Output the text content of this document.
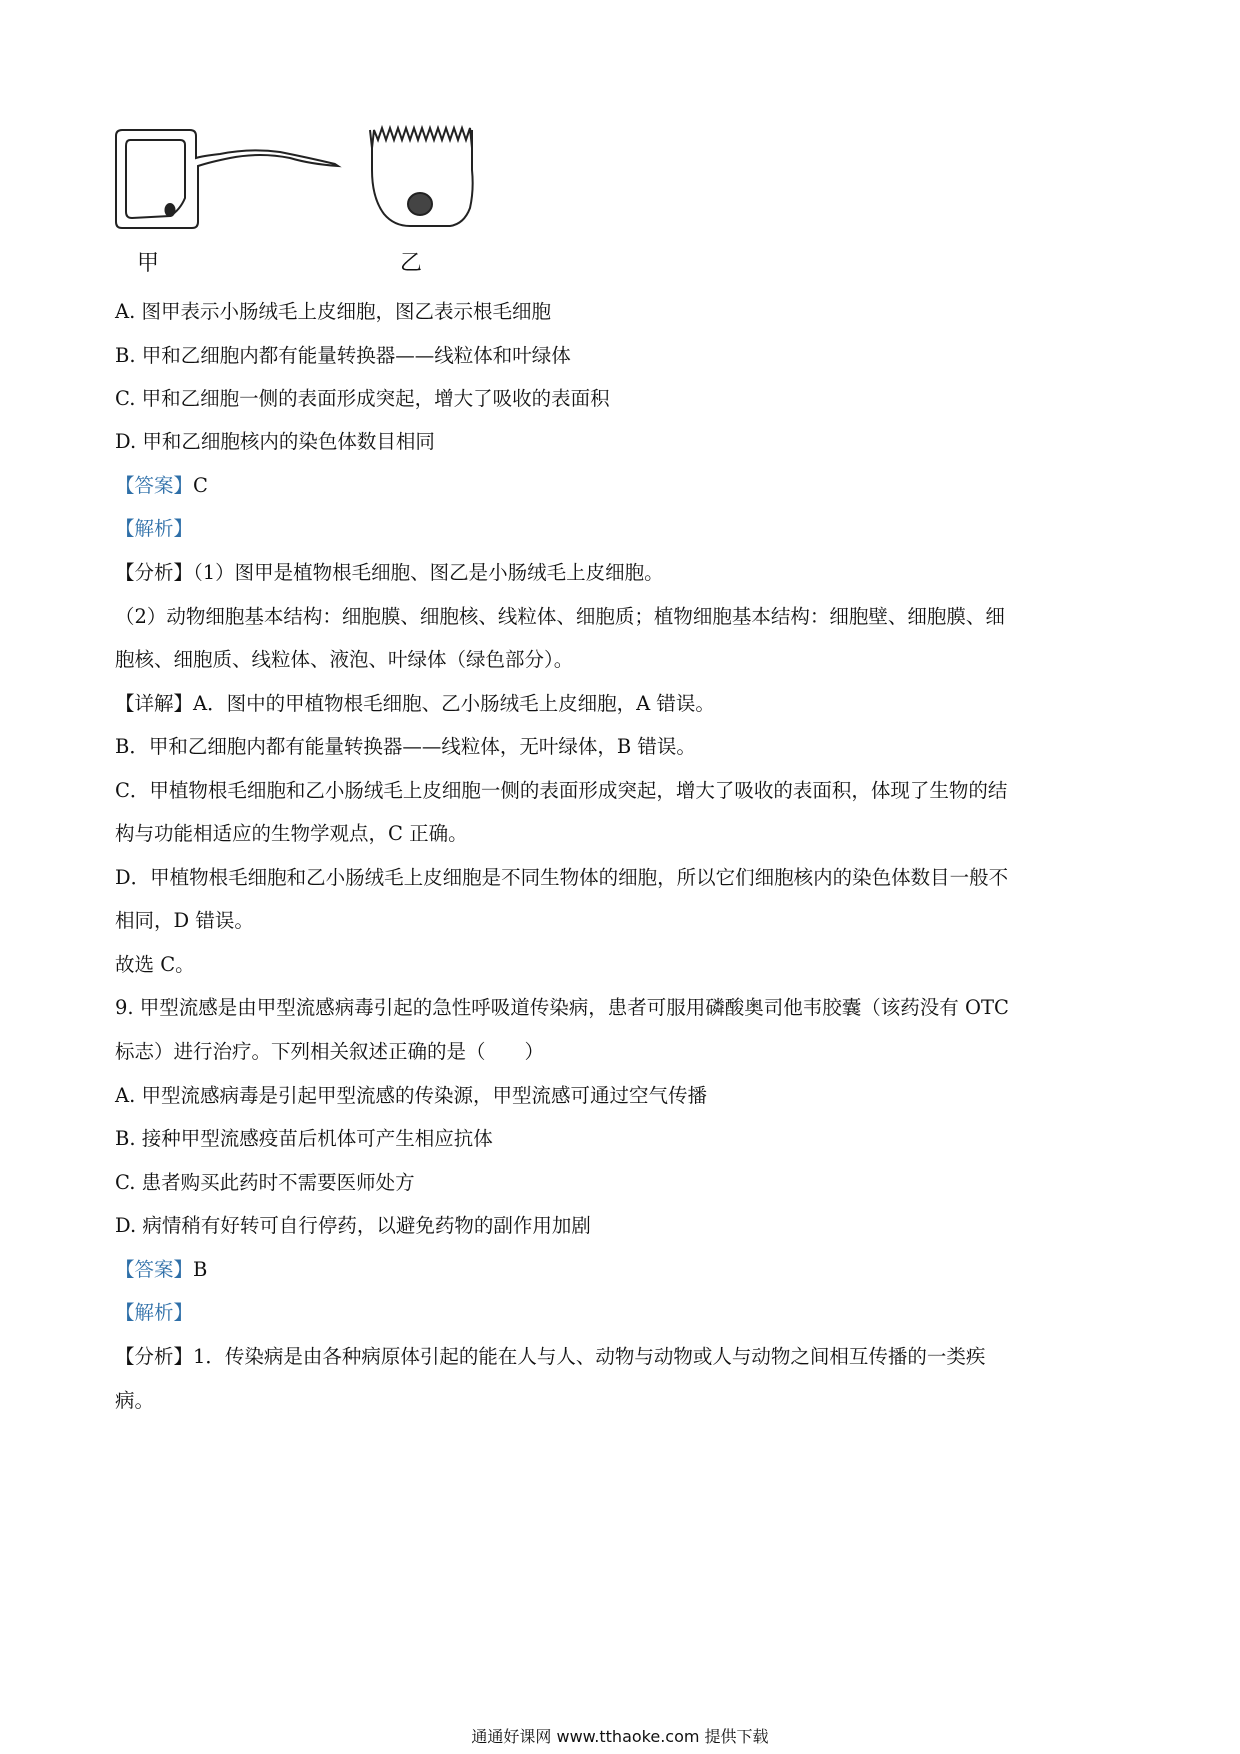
甲	乙
A. 图甲表示小肠绒毛上皮细胞，图乙表示根毛细胞
B. 甲和乙细胞内都有能量转换器——线粒体和叶绿体
C. 甲和乙细胞一侧的表面形成突起，增大了吸收的表面积
D. 甲和乙细胞核内的染色体数目相同
【答案】C
【解析】
【分析】（1）图甲是植物根毛细胞、图乙是小肠绒毛上皮细胞。
（2）动物细胞基本结构：细胞膜、细胞核、线粒体、细胞质；植物细胞基本结构：细胞壁、细胞膜、细
胞核、细胞质、线粒体、液泡、叶绿体（绿色部分）。
【详解】A．图中的甲植物根毛细胞、乙小肠绒毛上皮细胞，A 错误。
B．甲和乙细胞内都有能量转换器——线粒体，无叶绿体，B 错误。
C．甲植物根毛细胞和乙小肠绒毛上皮细胞一侧的表面形成突起，增大了吸收的表面积，体现了生物的结
构与功能相适应的生物学观点，C 正确。
D．甲植物根毛细胞和乙小肠绒毛上皮细胞是不同生物体的细胞，所以它们细胞核内的染色体数目一般不
相同，D 错误。
故选 C。
9. 甲型流感是由甲型流感病毒引起的急性呼吸道传染病，患者可服用磷酸奥司他韦胶囊（该药没有 OTC
标志）进行治疗。下列相关叙述正确的是（　　）
A. 甲型流感病毒是引起甲型流感的传染源，甲型流感可通过空气传播
B. 接种甲型流感疫苗后机体可产生相应抗体
C. 患者购买此药时不需要医师处方
D. 病情稍有好转可自行停药，以避免药物的副作用加剧
【答案】B
【解析】
【分析】1．传染病是由各种病原体引起的能在人与人、动物与动物或人与动物之间相互传播的一类疾
病。
通通好课网 www.tthaoke.com 提供下载
